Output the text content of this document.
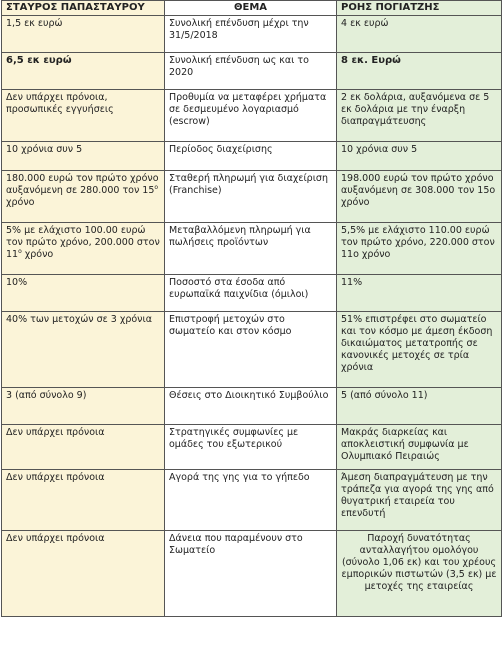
ΣΤΑΥΡΟΣ ΠΑΠΑΣΤΑΥΡΟΥ	ΘΕΜΑ	ΡΟΗΣ ΠΟΓΙΑΤΖΗΣ
1,5 εκ ευρώ	Συνολική επένδυση μέχρι την 31/5/2018	4 εκ ευρώ
6,5 εκ ευρώ	Συνολική επένδυση ως και το 2020	8 εκ. Ευρώ
Δεν υπάρχει πρόνοια, προσωπικές εγγυήσεις	Προθυμία να μεταφέρει χρήματα σε δεσμευμένο λογαριασμό (escrow)	2 εκ δολάρια, αυξανόμενα σε 5 εκ δολάρια με την έναρξη διαπραγμάτευσης
10 χρόνια συν 5	Περίοδος διαχείρισης	10 χρόνια συν 5
180.000 ευρώ τον πρώτο χρόνο αυξανόμενη σε 280.000 τον $15^o$ χρόνο	Σταθερή πληρωμή για διαχείριση (Franchise)	198.000 ευρώ τον πρώτο χρόνο αυξανόμενη σε 308.000 τον 15ο χρόνο
5% με ελάχιστο 100.00 ευρώ τον πρώτο χρόνο, 200.000 στον $11^o$ χρόνο	Μεταβαλλόμενη πληρωμή για πωλήσεις προϊόντων	5,5% με ελάχιστο 110.00 ευρώ τον πρώτο χρόνο, 220.000 στον 11ο χρόνο
10%	Ποσοστό στα έσοδα από ευρωπαϊκά παιχνίδια (όμιλοι)	11%
40% των μετοχών σε 3 χρόνια	Επιστροφή μετοχών στο σωματείο και στον κόσμο	51% επιστρέφει στο σωματείο και τον κόσμο με άμεση έκδοση δικαιώματος μετατροπής σε κανονικές μετοχές σε τρία χρόνια
3 (από σύνολο 9)	Θέσεις στο Διοικητικό Συμβούλιο	5 (από σύνολο 11)
Δεν υπάρχει πρόνοια	Στρατηγικές συμφωνίες με ομάδες του εξωτερικού	Μακράς διαρκείας και αποκλειστική συμφωνία με Ολυμπιακό Πειραιώς
Δεν υπάρχει πρόνοια	Αγορά της γης για το γήπεδο	Άμεση διαπραγμάτευση με την τράπεζα για αγορά της γης από θυγατρική εταιρεία του επενδυτή
Δεν υπάρχει πρόνοια	Δάνεια που παραμένουν στο Σωματείο	Παροχή δυνατότητας ανταλλαγήτου ομολόγου (σύνολο 1,06 εκ) και του χρέους εμπορικών πιστωτών (3,5 εκ) με μετοχές της εταιρείας
